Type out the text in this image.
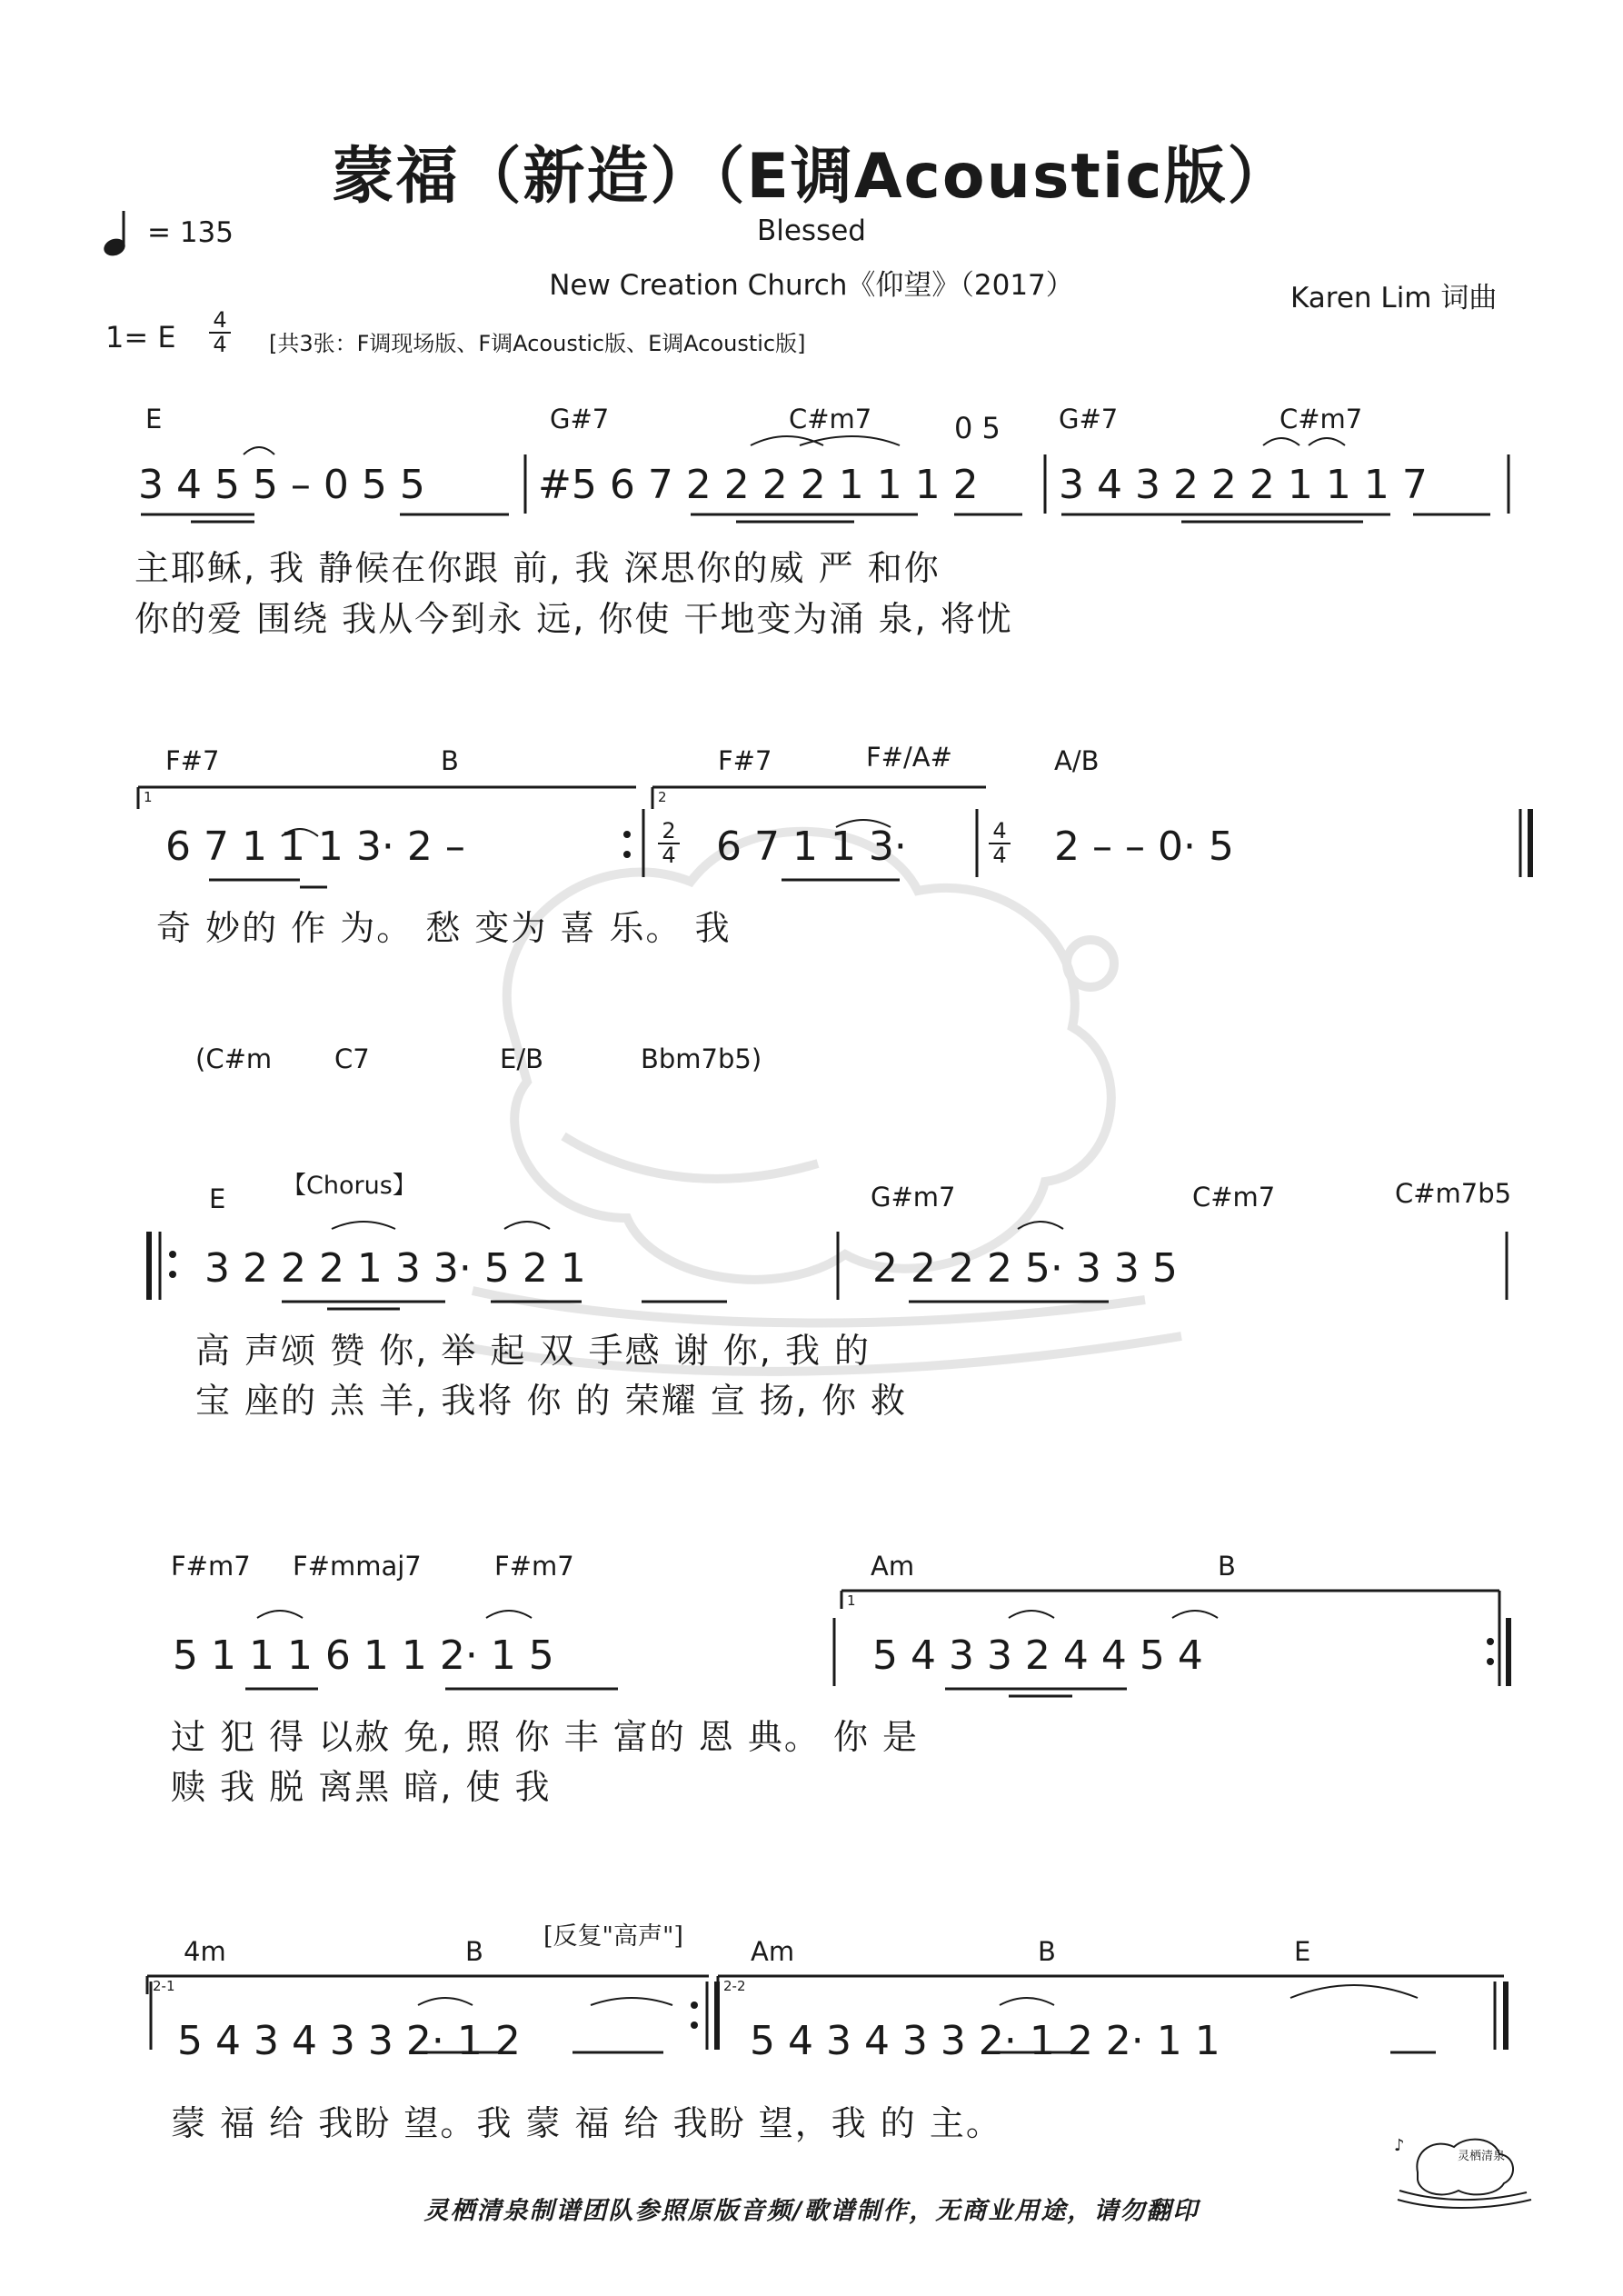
蒙福（新造）（E调Acoustic版）
= 135	Blessed
New Creation Church《仰望》（2017）	Karen Lim 词曲
1= E 4
4 [共3张：F调现场版、F调Acoustic版、E调Acoustic版]
E	G#7	C#m7	0 5 G#7	C#m7
3 4 5 5 – 0 5 5	#5 6 7 2 2 2 2 1 1 1 2 3 4 3 2 2 2 1 1 1 7
主耶稣, 我 静候在你跟 前, 我 深思你的威 严 和你
你的爱 围绕 我从今到永 远, 你使 干地变为涌 泉, 将忧
F#7	B	F#7	F#/A#	A/B
1	2
2
4
4
4
6 7 1 1 1 3· 2 –	6 7 1 1 3·	2 – – 0· 5
奇 妙的 作 为。 愁 变为 喜 乐。 我
(C#m C7	E/B	Bbm7b5)
【Chorus】
E	G#m7	C#m7	C#m7b5
3 2 2 2 1 3 3· 5 2 1	2 2 2 2 5· 3 3 5
高 声颂 赞 你, 举 起 双 手感 谢 你, 我 的
宝 座的 羔 羊, 我将 你 的 荣耀 宣 扬, 你 救
F#m7 F#mmaj7	F#m7	Am	B
1
5 1 1 1 6 1 1 2· 1 5	5 4 3 3 2 4 4 5 4
过 犯 得 以赦 免, 照 你 丰 富的 恩 典。 你 是
赎 我 脱 离黑 暗, 使 我
4m	B	Am	B	E
[反复"高声"]
2-1	2-2
5 4 3 4 3 3 2· 1 2	5 4 3 4 3 3 2· 1 2 2· 1 1
蒙 福 给 我盼 望。我 蒙 福 给 我盼 望，我 的 主。
灵栖清泉制谱团队参照原版音频/歌谱制作，无商业用途，请勿翻印
♪
灵栖清泉
